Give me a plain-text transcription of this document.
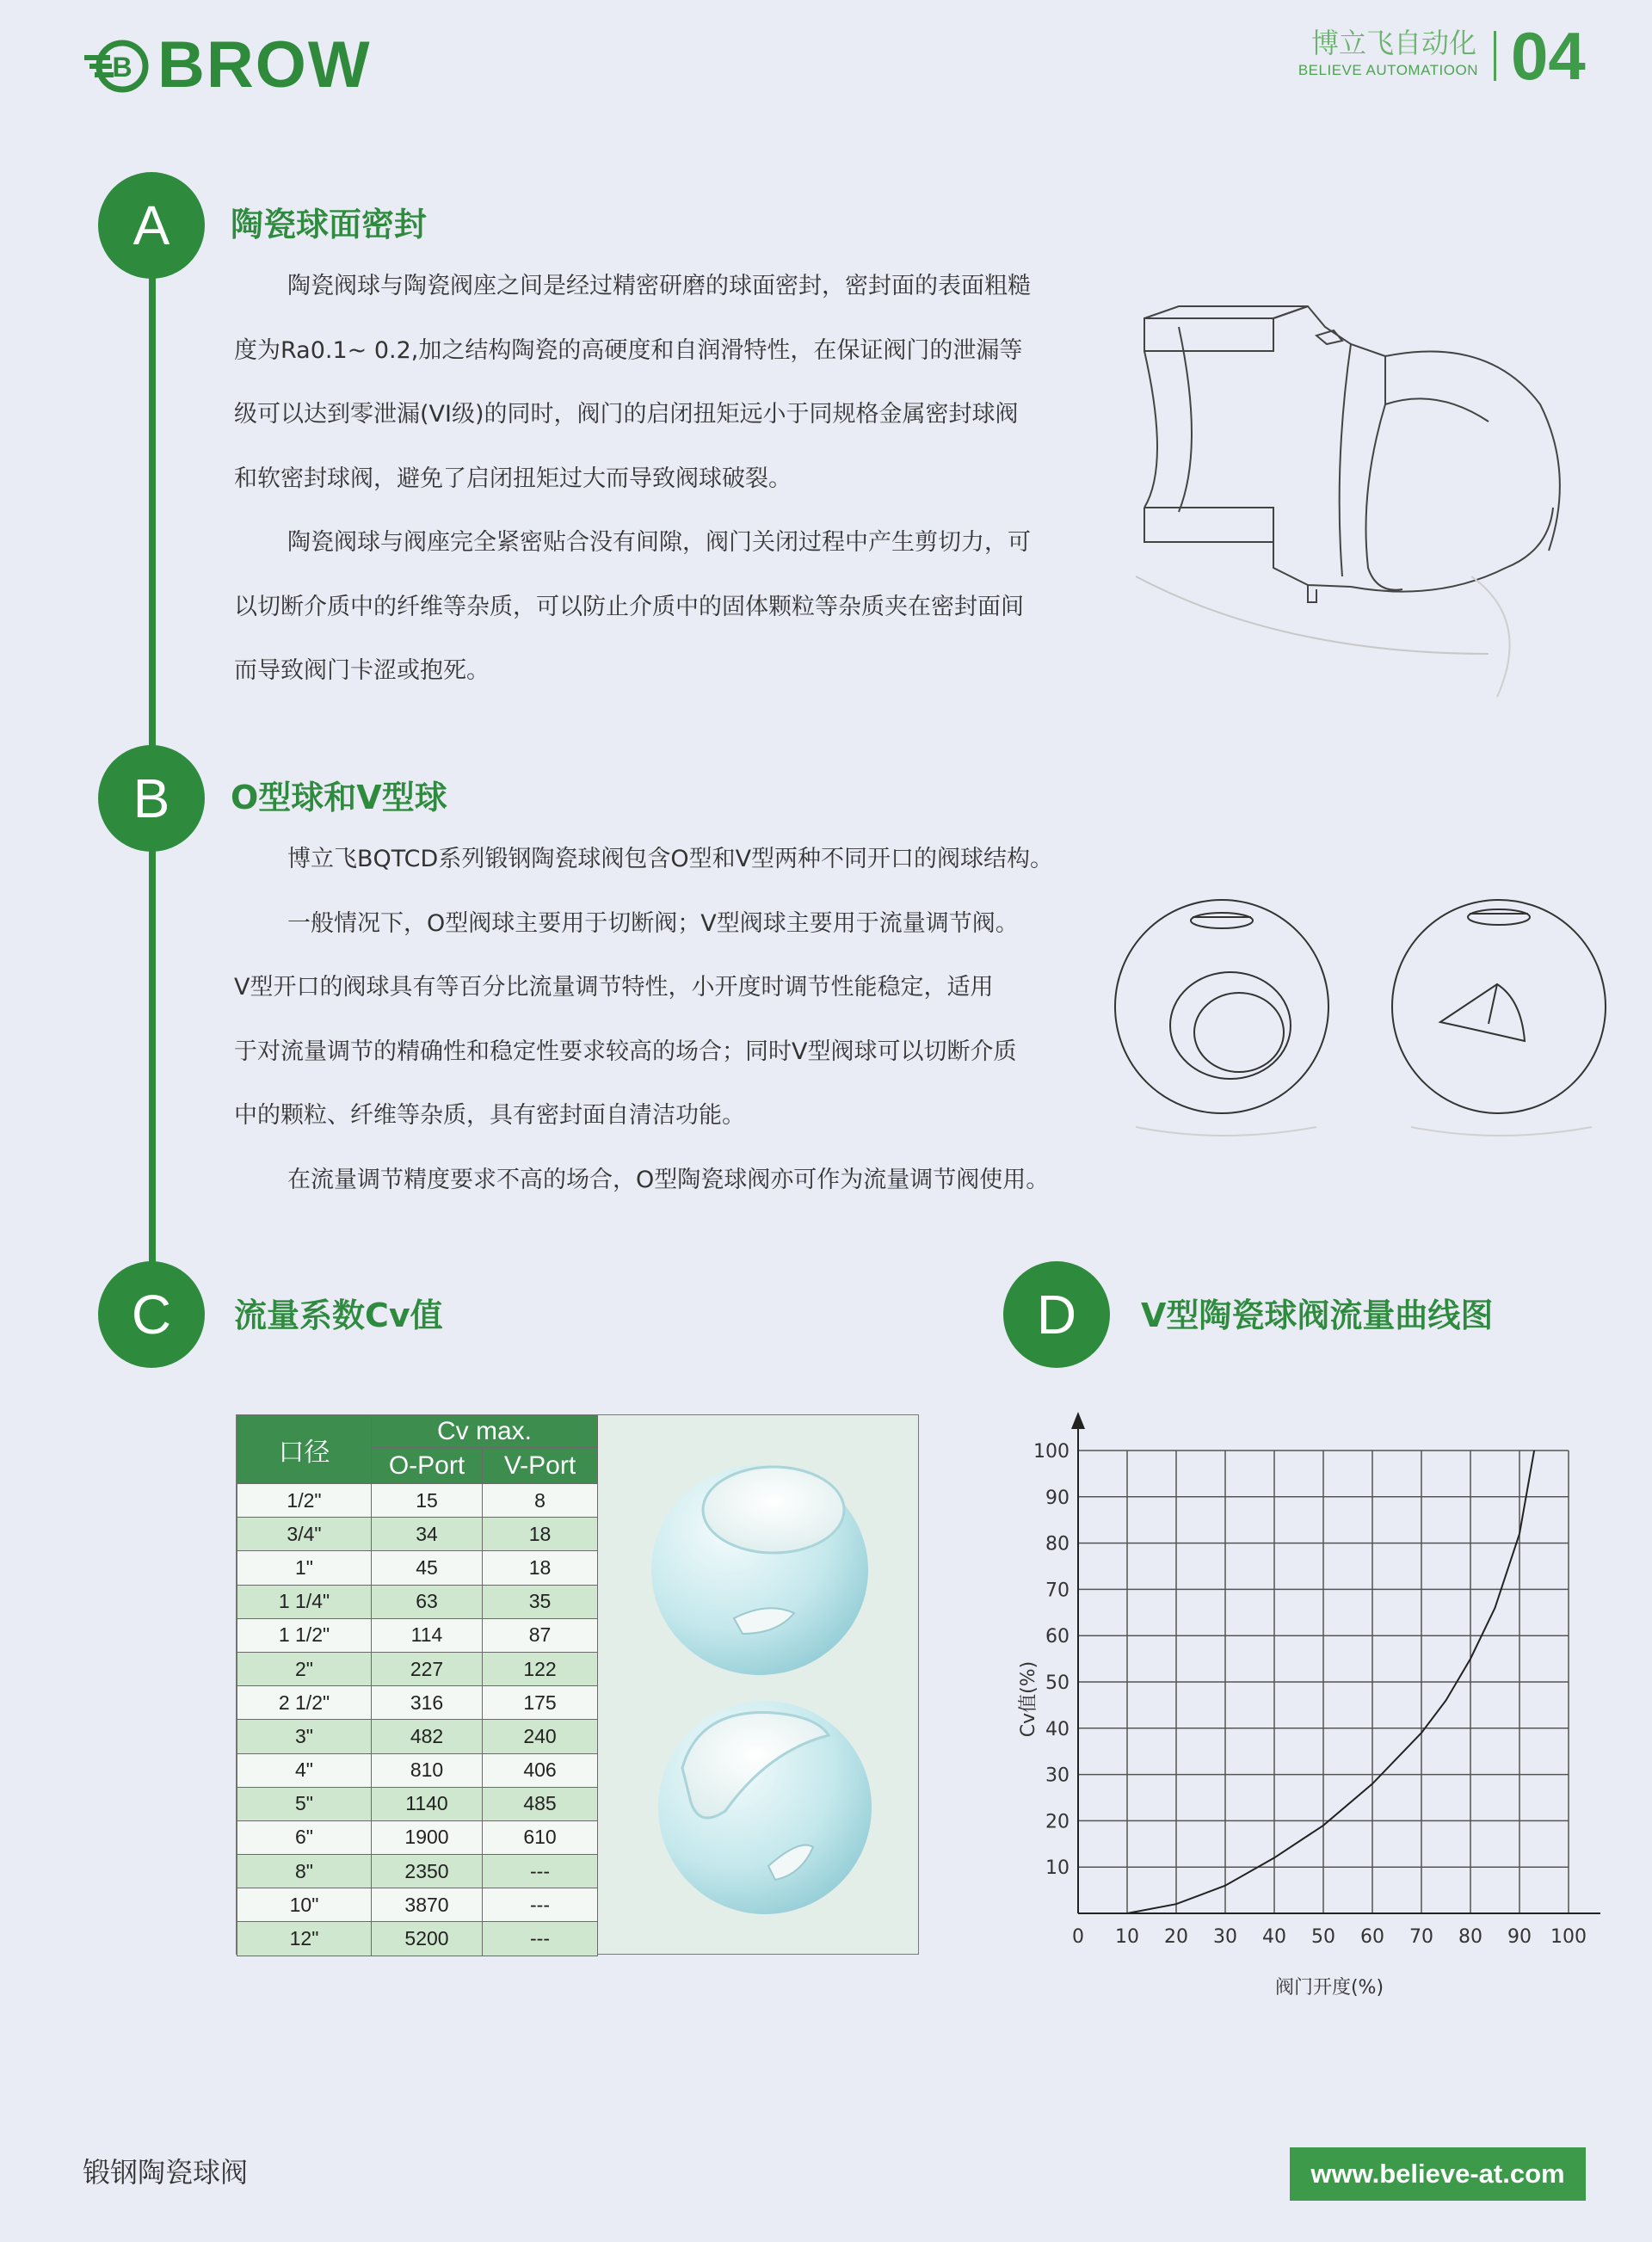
B BROW	博立飞自动化
BELIEVE AUTOMATIOON 04
A	陶瓷球面密封
陶瓷阀球与陶瓷阀座之间是经过精密研磨的球面密封，密封面的表面粗糙
度为Ra0.1~ 0.2,加之结构陶瓷的高硬度和自润滑特性，在保证阀门的泄漏等
级可以达到零泄漏(VI级)的同时，阀门的启闭扭矩远小于同规格金属密封球阀
和软密封球阀，避免了启闭扭矩过大而导致阀球破裂。
陶瓷阀球与阀座完全紧密贴合没有间隙，阀门关闭过程中产生剪切力，可
以切断介质中的纤维等杂质，可以防止介质中的固体颗粒等杂质夹在密封面间
而导致阀门卡涩或抱死。
B	O型球和V型球
博立飞BQTCD系列锻钢陶瓷球阀包含O型和V型两种不同开口的阀球结构。
一般情况下，O型阀球主要用于切断阀；V型阀球主要用于流量调节阀。
V型开口的阀球具有等百分比流量调节特性，小开度时调节性能稳定，适用
于对流量调节的精确性和稳定性要求较高的场合；同时V型阀球可以切断介质
中的颗粒、纤维等杂质，具有密封面自清洁功能。
在流量调节精度要求不高的场合，O型陶瓷球阀亦可作为流量调节阀使用。
C	流量系数Cv值
口径	Cv max.	
	O-Port	V-Port
1/2"	15	8
3/4"	34	18
1"	45	18
1 1/4"	63	35
1 1/2"	114	87
2"	227	122
2 1/2"	316	175
3"	482	240
4"	810	406
5"	1140	485
6"	1900	610
8"	2350	---
10"	3870	---
12"	5200	---
D	V型陶瓷球阀流量曲线图
10
20
30
40
50
60
70
80
90
100
0 10 20 30 40 50 60 70 80 90 100
阀门开度(%)
Cv值(%)
锻钢陶瓷球阀	www.believe-at.com
